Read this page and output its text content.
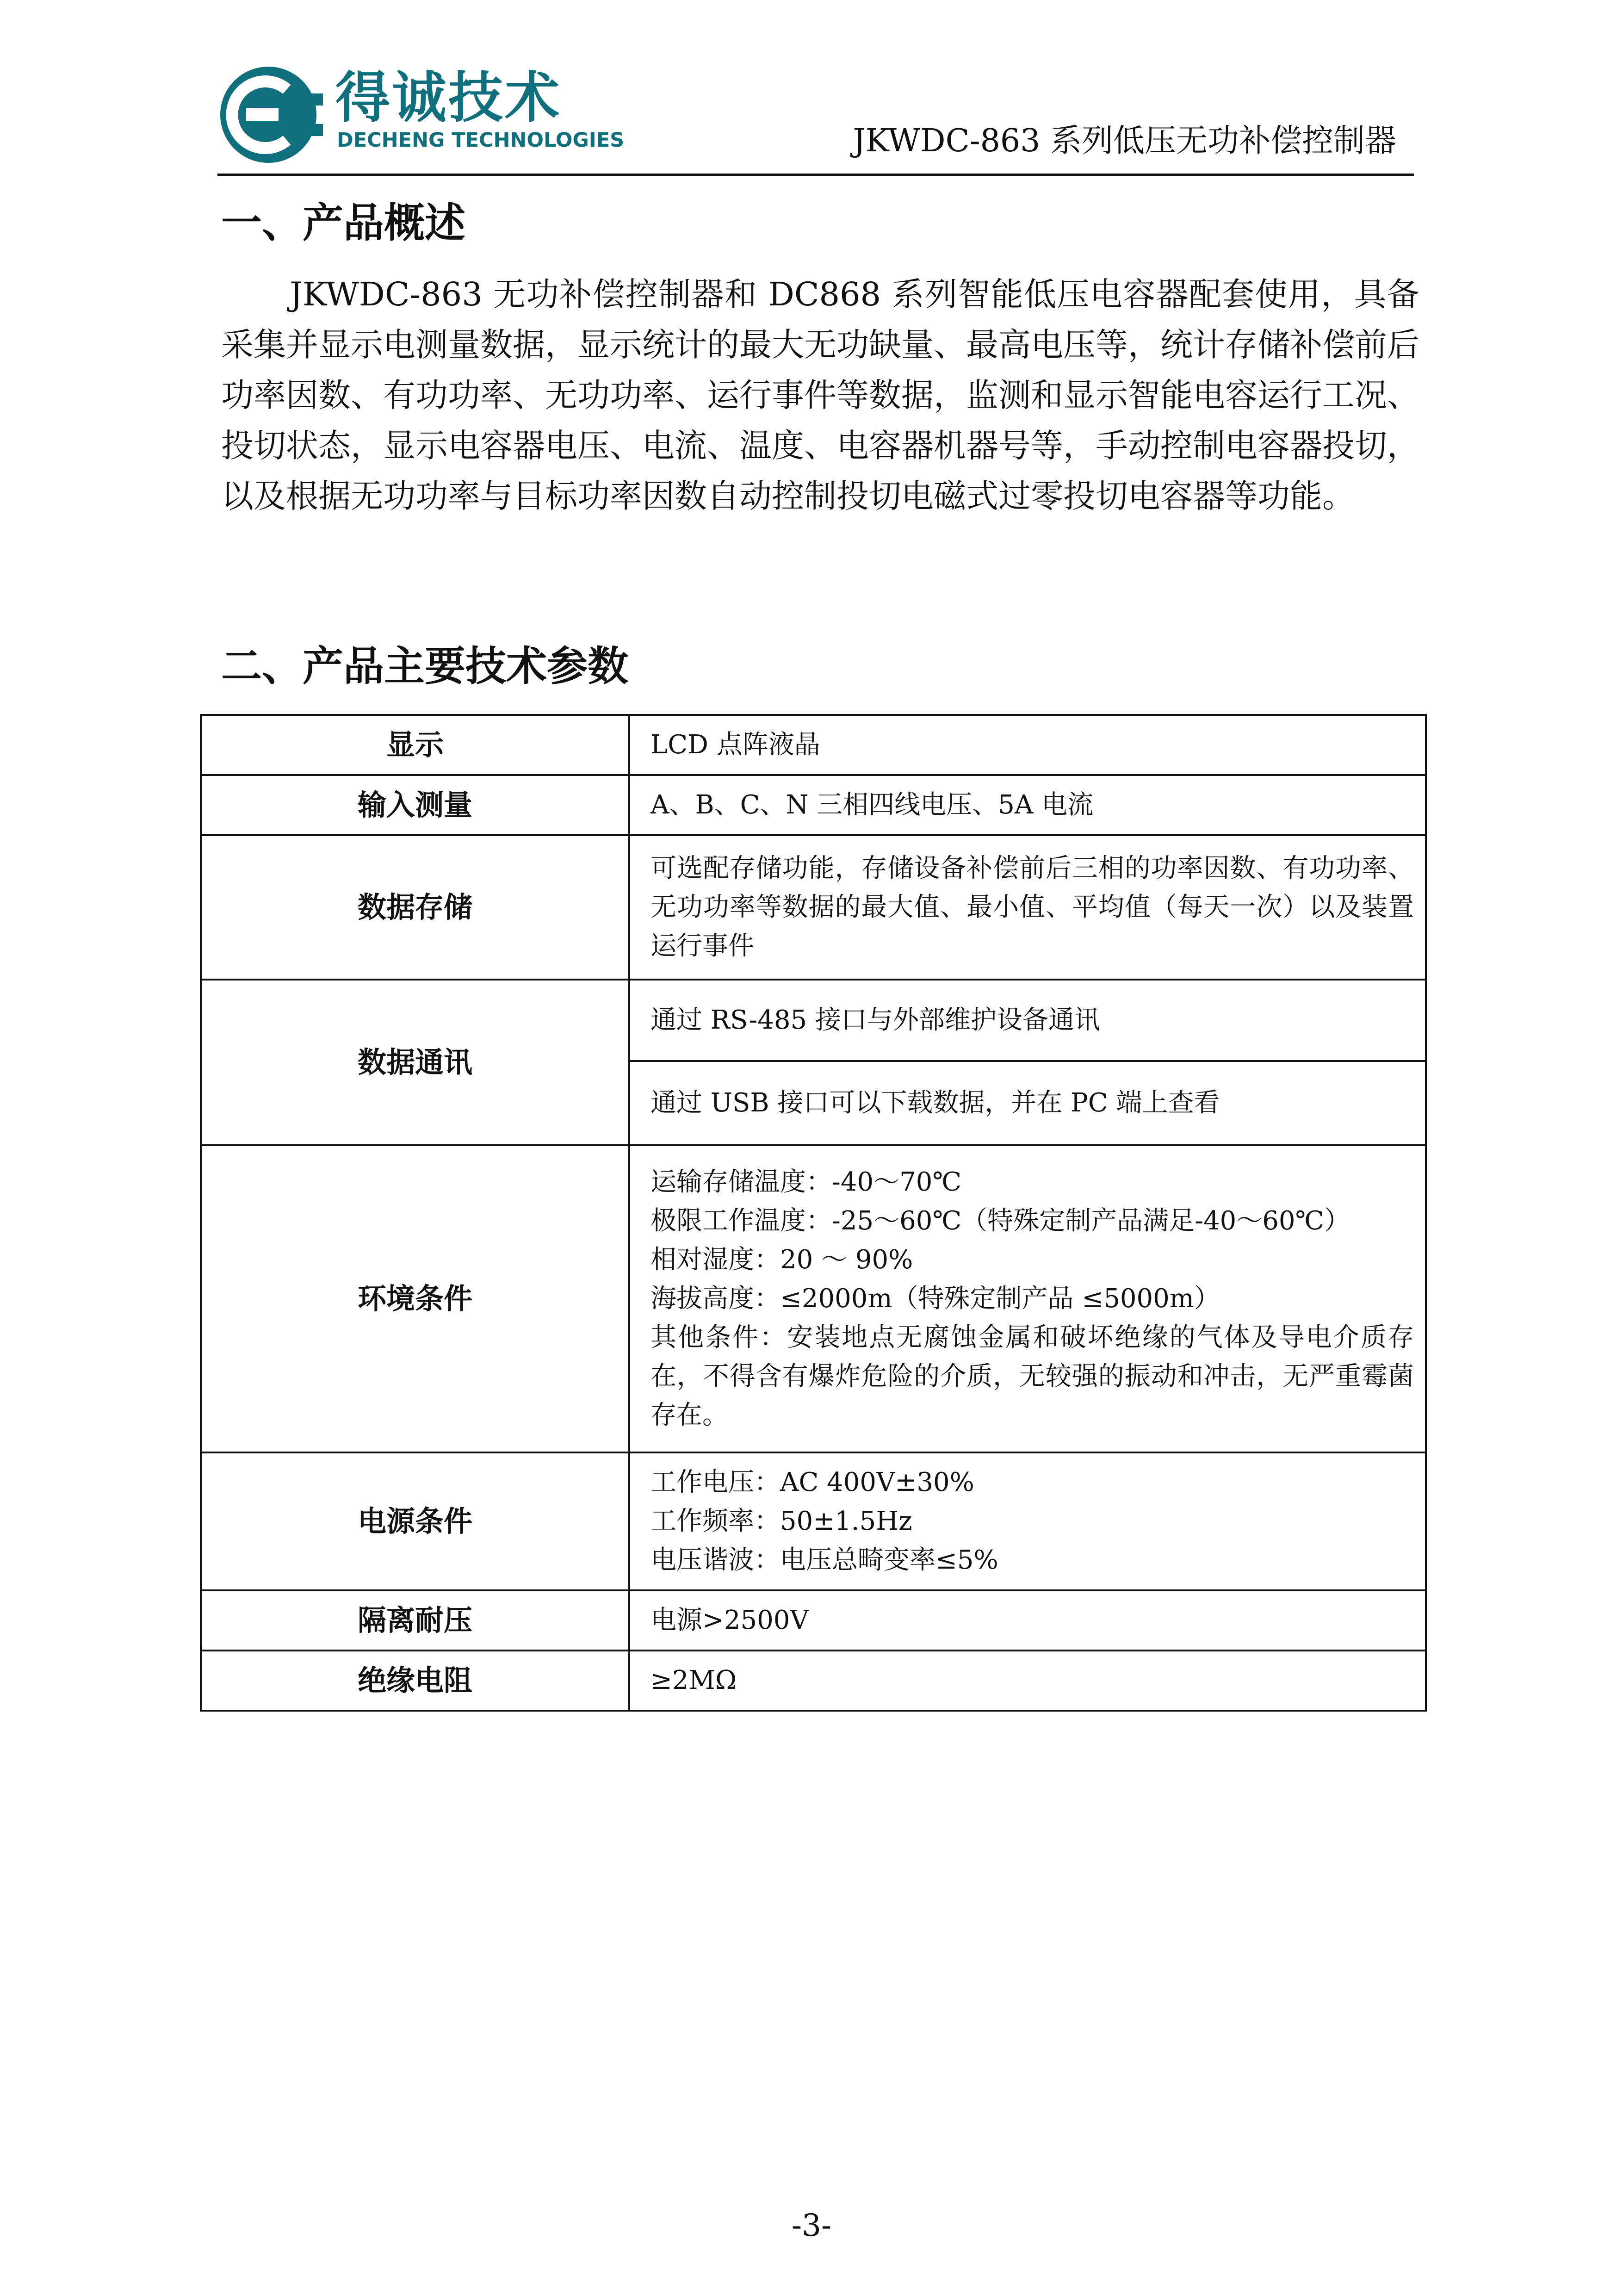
得诚技术
DECHENG TECHNOLOGIES	JKWDC-863 系列低压无功补偿控制器
一、产品概述

JKWDC-863 无功补偿控制器和 DC868 系列智能低压电容器配套使用，具备采集并显示电测量数据，显示统计的最大无功缺量、最高电压等，统计存储补偿前后功率因数、有功功率、无功功率、运行事件等数据，监测和显示智能电容运行工况、投切状态，显示电容器电压、电流、温度、电容器机器号等，手动控制电容器投切，以及根据无功功率与目标功率因数自动控制投切电磁式过零投切电容器等功能。

二、产品主要技术参数
显示	LCD 点阵液晶

输入测量	A、B、C、N 三相四线电压、5A 电流

数据存储	可选配存储功能，存储设备补偿前后三相的功率因数、有功功率、无功功率等数据的最大值、最小值、平均值（每天一次）以及装置运行事件
数据通讯	通过 RS-485 接口与外部维护设备通讯

	通过 USB 接口可以下载数据，并在 PC 端上查看

环境条件	运输存储温度：-40～70℃
极限工作温度：-25～60℃（特殊定制产品满足-40～60℃）
相对湿度：20 ～ 90%
海拔高度：≤2000m（特殊定制产品 ≤5000m）
其他条件：安装地点无腐蚀金属和破坏绝缘的气体及导电介质存在，不得含有爆炸危险的介质，无较强的振动和冲击，无严重霉菌存在。
电源条件	工作电压：AC 400V±30%
工作频率：50±1.5Hz
电压谐波：电压总畸变率≤5%

隔离耐压	电源>2500V

绝缘电阻	≥2MΩ
-3-
